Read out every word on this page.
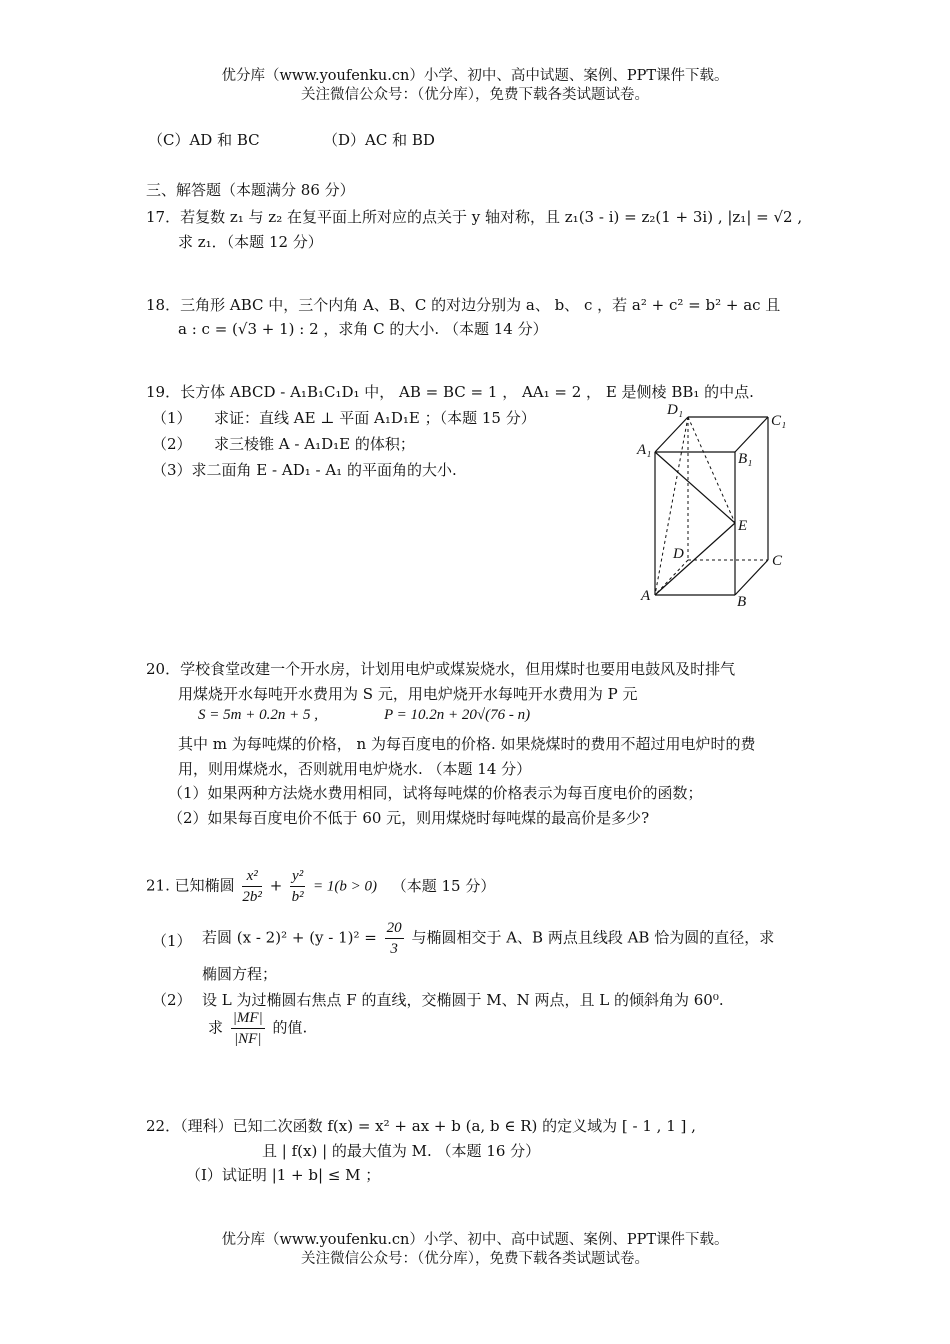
优分库（www.youfenku.cn）小学、初中、高中试题、案例、PPT课件下载。
关注微信公众号：（优分库），免费下载各类试题试卷。
（C）AD 和 BC	（D）AC 和 BD
三、解答题（本题满分 86 分）
17．若复数 z₁ 与 z₂ 在复平面上所对应的点关于 y 轴对称，且 z₁(3 - i) = z₂(1 + 3i) , |z₁| = √2 ,
求 z₁．（本题 12 分）
18．三角形 ABC 中，三个内角 A、B、C 的对边分别为 a、 b、 c ，若 a² + c² = b² + ac 且
a : c = (√3 + 1) : 2 ，求角 C 的大小. （本题 14 分）
19．长方体 ABCD - A₁B₁C₁D₁ 中， AB = BC = 1 ， AA₁ = 2 ， E 是侧棱 BB₁ 的中点.
（1）　　求证：直线 AE ⊥ 平面 A₁D₁E ；（本题 15 分）
（2）　　求三棱锥 A - A₁D₁E 的体积；
（3）求二面角 E - AD₁ - A₁ 的平面角的大小.
D₁
C₁
A₁
B₁
E
D	C
A	B
20．学校食堂改建一个开水房，计划用电炉或煤炭烧水，但用煤时也要用电鼓风及时排气
用煤烧开水每吨开水费用为 S 元，用电炉烧开水每吨开水费用为 P 元
S = 5m + 0.2n + 5 ,	P = 10.2n + 20√(76 - n)
其中 m 为每吨煤的价格， n 为每百度电的价格. 如果烧煤时的费用不超过用电炉时的费
用，则用煤烧水，否则就用电炉烧水. （本题 14 分）
（1）如果两种方法烧水费用相同，试将每吨煤的价格表示为每百度电价的函数；
（2）如果每百度电价不低于 60 元，则用煤烧时每吨煤的最高价是多少?
21. 已知椭圆 $\frac{\text{x²}}{\text{2b²}} + \frac{\text{y²}}{\text{b²}} = 1(b > 0)$ （本题 15 分）
（1） 若圆 $(x - 2)^2 + (y - 1)^2 = \frac{20}{3}$ 与椭圆相交于 A、B 两点且线段 AB 恰为圆的直径，求
椭圆方程；
（2） 设 L 为过椭圆右焦点 F 的直线，交椭圆于 M、N 两点，且 L 的倾斜角为 60⁰.
求 $\frac{|MF|}{|NF|}$ 的值.
22．（理科）已知二次函数 f(x) = x² + ax + b (a, b ∈ R) 的定义域为 [ - 1 , 1 ] ,
且 | f(x) | 的最大值为 M. （本题 16 分）
（Ⅰ）试证明 |1 + b| ≤ M ；
优分库（www.youfenku.cn）小学、初中、高中试题、案例、PPT课件下载。
关注微信公众号：（优分库），免费下载各类试题试卷。
